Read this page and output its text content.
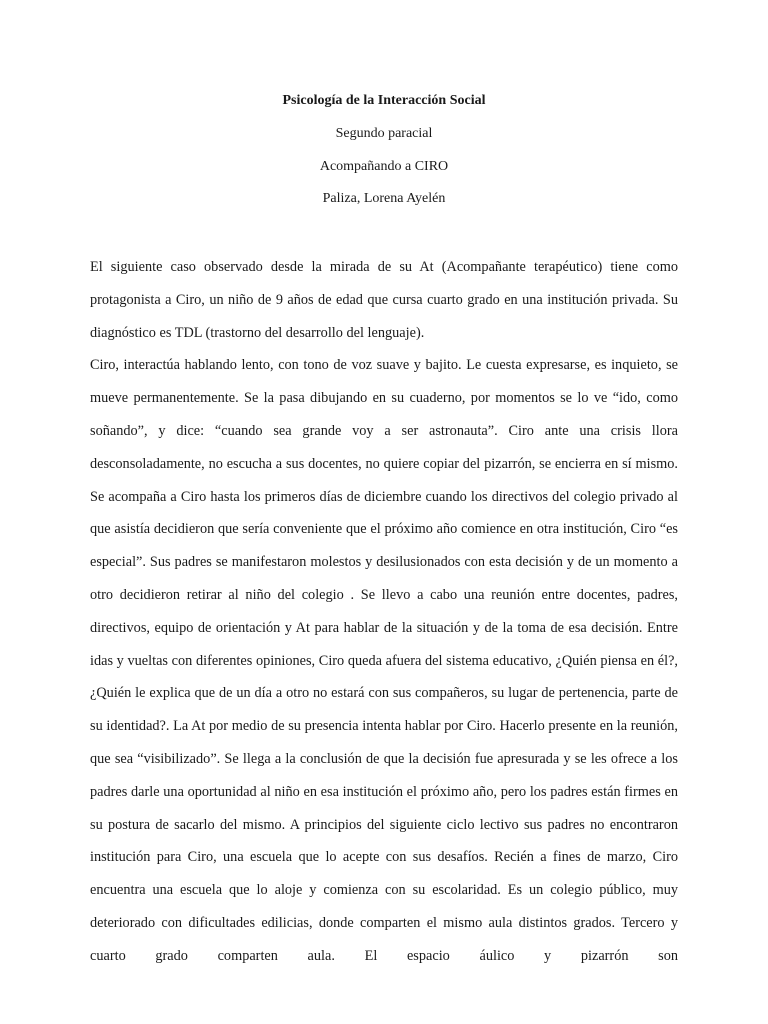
Psicología de la Interacción Social
Segundo paracial
Acompañando a CIRO
Paliza, Lorena Ayelén

El siguiente caso observado desde la mirada de su At (Acompañante terapéutico) tiene como protagonista a Ciro, un niño de 9 años de edad que cursa cuarto grado en una institución privada. Su diagnóstico es TDL (trastorno del desarrollo del lenguaje).

Ciro, interactúa hablando lento, con tono de voz suave y bajito. Le cuesta expresarse, es inquieto, se mueve permanentemente. Se la pasa dibujando en su cuaderno, por momentos se lo ve “ido, como soñando”, y dice: “cuando sea grande voy a ser astronauta”. Ciro ante una crisis llora desconsoladamente, no escucha a sus docentes, no quiere copiar del pizarrón, se encierra en sí mismo. Se acompaña a Ciro hasta los primeros días de diciembre cuando los directivos del colegio privado al que asistía decidieron que sería conveniente que el próximo año comience en otra institución, Ciro “es especial”. Sus padres se manifestaron molestos y desilusionados con esta decisión y de un momento a otro decidieron retirar al niño del colegio . Se llevo a cabo una reunión entre docentes, padres, directivos, equipo de orientación y At para hablar de la situación y de la toma de esa decisión. Entre idas y vueltas con diferentes opiniones, Ciro queda afuera del sistema educativo, ¿Quién piensa en él?,¿Quién le explica que de un día a otro no estará con sus compañeros, su lugar de pertenencia, parte de su identidad?. La At por medio de su presencia intenta hablar por Ciro. Hacerlo presente en la reunión, que sea “visibilizado”. Se llega a la conclusión de que la decisión fue apresurada y se les ofrece a los padres darle una oportunidad al niño en esa institución el próximo año, pero los padres están firmes en su postura de sacarlo del mismo. A principios del siguiente ciclo lectivo sus padres no encontraron institución para Ciro, una escuela que lo acepte con sus desafíos. Recién a fines de marzo, Ciro encuentra una escuela que lo aloje y comienza con su escolaridad. Es un colegio público, muy deteriorado con dificultades edilicias, donde comparten el mismo aula distintos grados. Tercero y cuarto grado comparten aula. El espacio áulico y pizarrón son
